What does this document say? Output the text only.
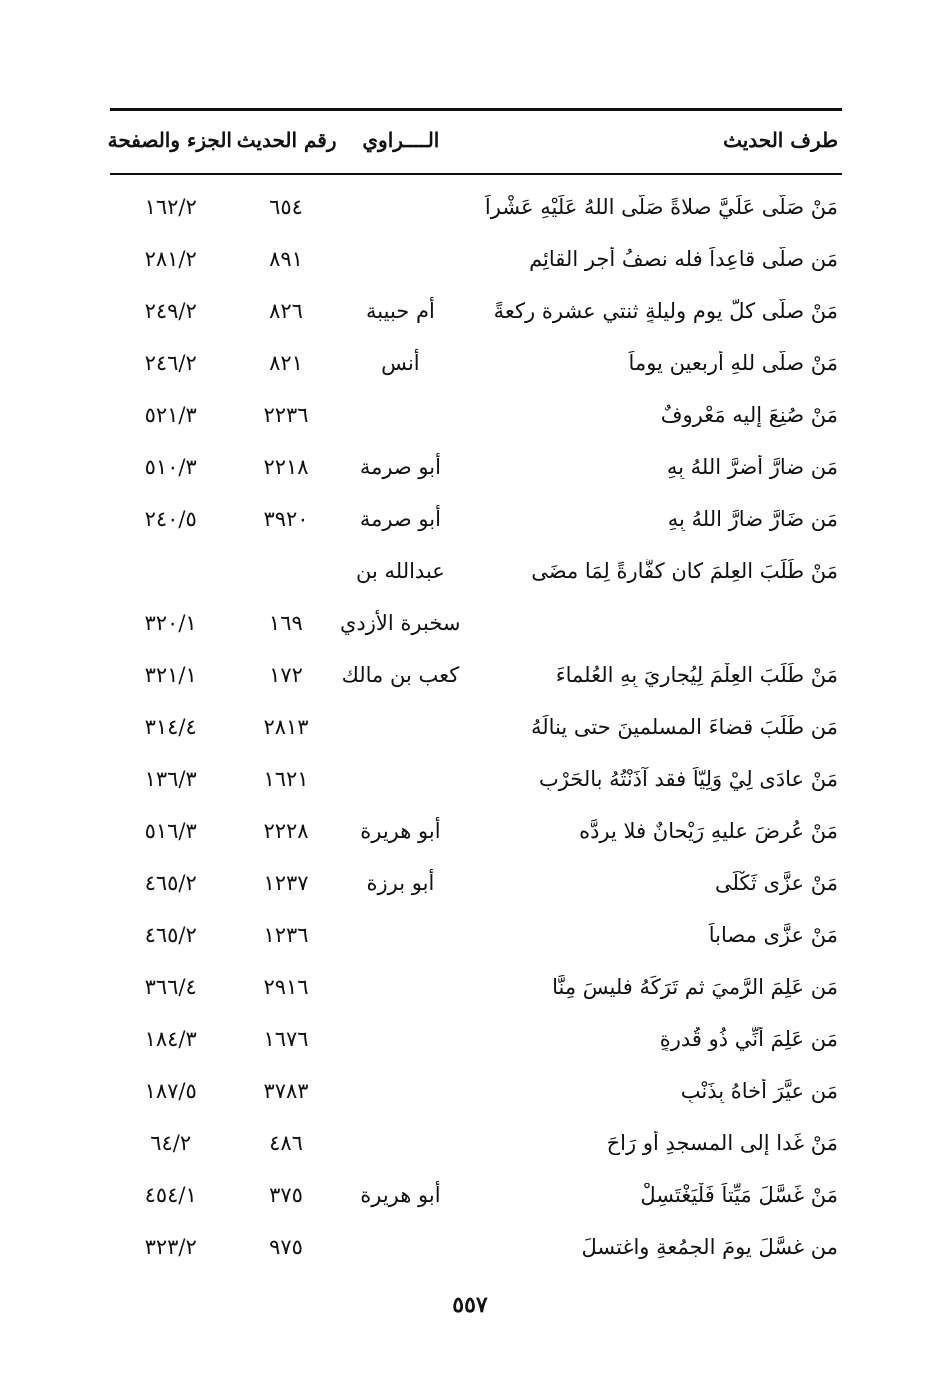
طرف الحديث
الــــراوي
رقم الحديث
الجزء والصفحة
مَنْ صَلَّى عَلَيَّ صلاةً صَلَّى اللهُ عَلَيْهِ عَشْراً
٦٥٤
١٦٢/٢
مَن صلَّى قاعِداً فله نصفُ أجرِ القائِمِ
٨٩١
٢٨١/٢
مَنْ صلَّى كلَّ يومٍ وليلةٍ ثنتي عشرة ركعةً
أم حبيبة
٨٢٦
٢٤٩/٢
مَنْ صلَّى للهِ أربعين يوماً
أنس
٨٢١
٢٤٦/٢
مَنْ صُنِعَ إليه مَعْروفٌ
٢٢٣٦
٥٢١/٣
مَن ضارَّ أَضرَّ اللهُ بِهِ
أبو صرمة
٢٢١٨
٥١٠/٣
مَن ضَارَّ ضارَّ اللهُ بِهِ
أبو صرمة
٣٩٢٠
٢٤٠/٥
مَنْ طَلَبَ العِلمَ كان كفَّارةً لِمَا مضَى
عبدالله بن
سخبرة الأزدي
١٦٩
٣٢٠/١
مَنْ طَلَبَ العِلْمَ لِيُجارِيَ بِهِ العُلماءَ
كعب بن مالك
١٧٢
٣٢١/١
مَن طَلَبَ قضاءَ المسلمينَ حتى ينالَهُ
٢٨١٣
٣١٤/٤
مَنْ عادَى لِيْ وَلِيّاً فقد آذَنْتُهُ بالحَرْبِ
١٦٢١
١٣٦/٣
مَنْ عُرِضَ عليهِ رَيْحانٌ فلا يردَّه
أبو هريرة
٢٢٢٨
٥١٦/٣
مَنْ عزَّى ثَكْلَى
أبو برزة
١٢٣٧
٤٦٥/٢
مَنْ عزَّى مصاباً
١٢٣٦
٤٦٥/٢
مَن عَلِمَ الرَّميَ ثم تَرَكَهُ فليسَ مِنَّا
٢٩١٦
٣٦٦/٤
مَن عَلِمَ أَنِّي ذُو قُدرةٍ
١٦٧٦
١٨٤/٣
مَن عيَّرَ أَخاهُ بِذَنْبٍ
٣٧٨٣
١٨٧/٥
مَنْ غَدا إلى المسجدِ أو رَاحَ
٤٨٦
٦٤/٢
مَنْ غَسَّلَ مَيِّتاً فَلْيَغْتَسِلْ
أبو هريرة
٣٧٥
٤٥٤/١
من غسَّلَ يومَ الجمُعةِ واغتسلَ
٩٧٥
٣٢٣/٢
٥٥٧
